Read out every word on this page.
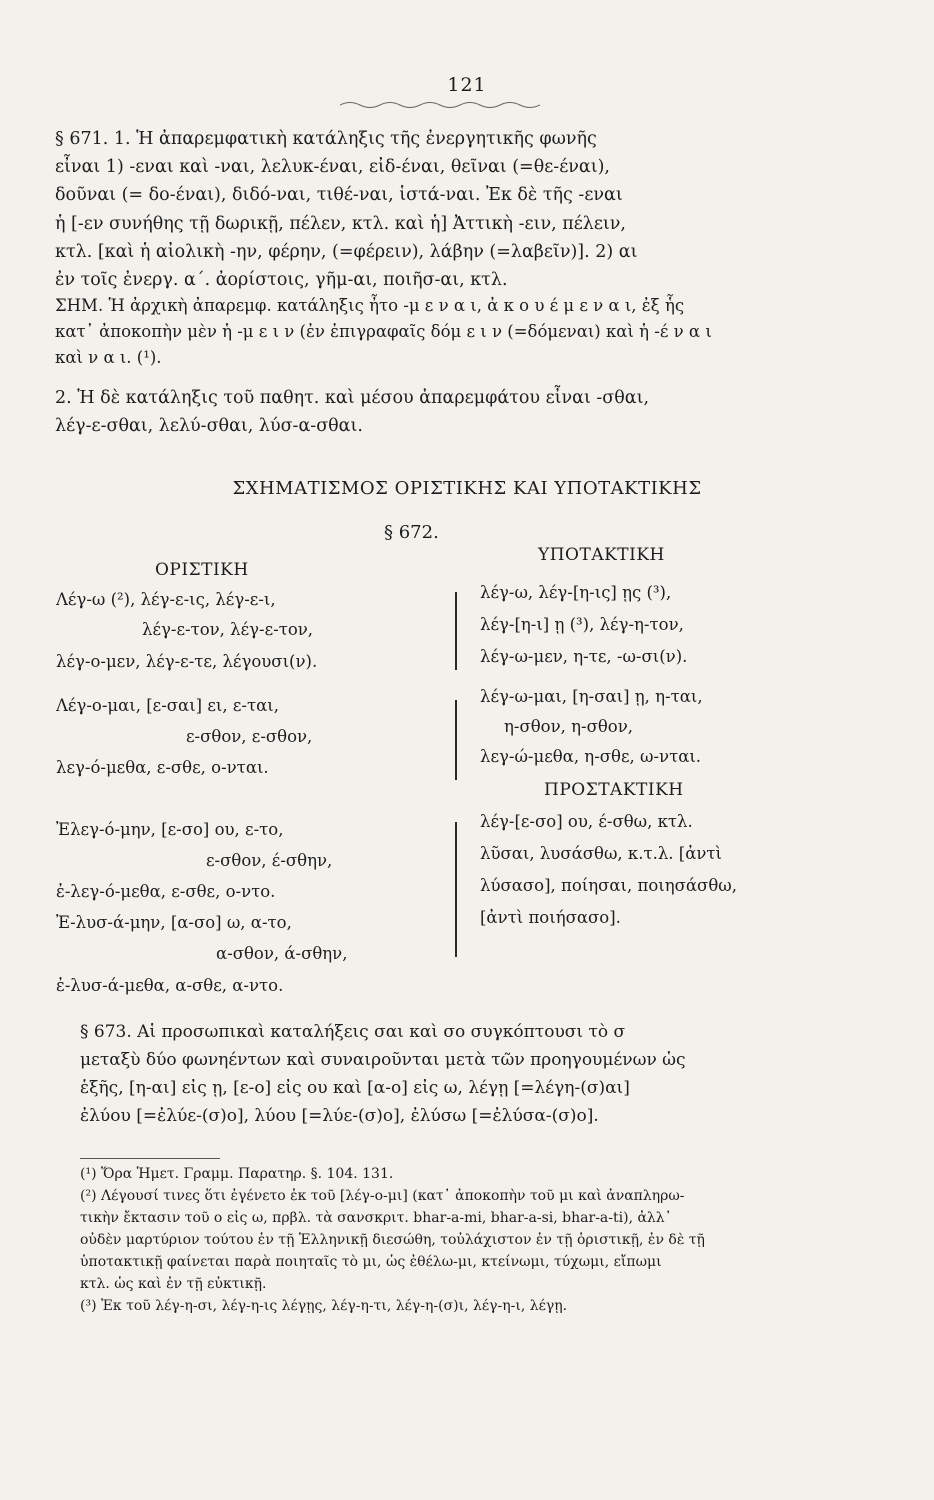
121
§ 671. 1. Ἡ ἀπαρεμφατικὴ κατάληξις τῆς ἐνεργητικῆς φωνῆς
εἶναι 1) -εναι καὶ -ναι, λελυκ-έναι, εἰδ-έναι, θεῖναι (=θε-έναι),
δοῦναι (= δο-έναι), διδό-ναι, τιθέ-ναι, ἱστά-ναι. Ἐκ δὲ τῆς -εναι
ἡ [-εν συνήθης τῇ δωρικῇ, πέλεν, κτλ. καὶ ἡ] Ἀττικὴ -ειν, πέλειν,
κτλ. [καὶ ἡ αἰολικὴ -ην, φέρην, (=φέρειν), λάβην (=λαβεῖν)]. 2) αι
ἐν τοῖς ἐνεργ. α΄. ἀορίστοις, γῆμ-αι, ποιῆσ-αι, κτλ.
ΣΗΜ. Ἡ ἀρχικὴ ἀπαρεμφ. κατάληξις ἦτο -μ ε ν α ι, ἀ κ ο υ έ μ ε ν α ι, ἐξ ἧς
κατ᾽ ἀποκοπὴν μὲν ἡ -μ ε ι ν (ἐν ἐπιγραφαῖς δόμ ε ι ν (=δόμεναι) καὶ ἡ -έ ν α ι
καὶ ν α ι. (¹).
2. Ἡ δὲ κατάληξις τοῦ παθητ. καὶ μέσου ἀπαρεμφάτου εἶναι -σθαι,
λέγ-ε-σθαι, λελύ-σθαι, λύσ-α-σθαι.
ΣΧΗΜΑΤΙΣΜΟΣ ΟΡΙΣΤΙΚΗΣ ΚΑΙ ΥΠΟΤΑΚΤΙΚΗΣ
§ 672.
ΟΡΙΣΤΙΚΗ
ΥΠΟΤΑΚΤΙΚΗ
Λέγ-ω (²), λέγ-ε-ις, λέγ-ε-ι,
λέγ-ε-τον, λέγ-ε-τον,
λέγ-ο-μεν, λέγ-ε-τε, λέγουσι(ν).
Λέγ-ο-μαι, [ε-σαι] ει, ε-ται,
ε-σθον, ε-σθον,
λεγ-ό-μεθα, ε-σθε, ο-νται.
Ἐλεγ-ό-μην, [ε-σο] ου, ε-το,
ε-σθον, έ-σθην,
ἐ-λεγ-ό-μεθα, ε-σθε, ο-ντο.
Ἐ-λυσ-ά-μην, [α-σο] ω, α-το,
α-σθον, ά-σθην,
ἐ-λυσ-ά-μεθα, α-σθε, α-ντο.
λέγ-ω, λέγ-[η-ις] ῃς (³),
λέγ-[η-ι] ῃ (³), λέγ-η-τον,
λέγ-ω-μεν, η-τε, -ω-σι(ν).
λέγ-ω-μαι, [η-σαι] ῃ, η-ται,
η-σθον, η-σθον,
λεγ-ώ-μεθα, η-σθε, ω-νται.
ΠΡΟΣΤΑΚΤΙΚΗ
λέγ-[ε-σο] ου, έ-σθω, κτλ.
λῦσαι, λυσάσθω, κ.τ.λ. [ἀντὶ
λύσασο], ποίησαι, ποιησάσθω,
[ἀντὶ ποιήσασο].
§ 673. Αἱ προσωπικαὶ καταλήξεις σαι καὶ σο συγκόπτουσι τὸ σ
μεταξὺ δύο φωνηέντων καὶ συναιροῦνται μετὰ τῶν προηγουμένων ὡς
ἑξῆς, [η-αι] εἰς ῃ, [ε-ο] εἰς ου καὶ [α-ο] εἰς ω, λέγῃ [=λέγη-(σ)αι]
ἐλύου [=ἐλύε-(σ)ο], λύου [=λύε-(σ)ο], ἐλύσω [=ἐλύσα-(σ)ο].

(¹) Ὅρα Ἡμετ. Γραμμ. Παρατηρ. §. 104. 131.

(²) Λέγουσί τινες ὅτι ἐγένετο ἐκ τοῦ [λέγ-ο-μι] (κατ᾽ ἀποκοπὴν τοῦ μι καὶ ἀναπληρω-

τικὴν ἔκτασιν τοῦ ο εἰς ω, πρβλ. τὰ σανσκριτ. bhar-a-mi, bhar-a-si, bhar-a-ti), ἀλλ᾽

οὐδὲν μαρτύριον τούτου ἐν τῇ Ἑλληνικῇ διεσώθη, τοὐλάχιστον ἐν τῇ ὁριστικῇ, ἐν δὲ τῇ

ὑποτακτικῇ φαίνεται παρὰ ποιηταῖς τὸ μι, ὡς ἐθέλω-μι, κτείνωμι, τύχωμι, εἴπωμι

κτλ. ὡς καὶ ἐν τῇ εὐκτικῇ.

(³) Ἐκ τοῦ λέγ-η-σι, λέγ-η-ις λέγῃς, λέγ-η-τι, λέγ-η-(σ)ι, λέγ-η-ι, λέγῃ.
